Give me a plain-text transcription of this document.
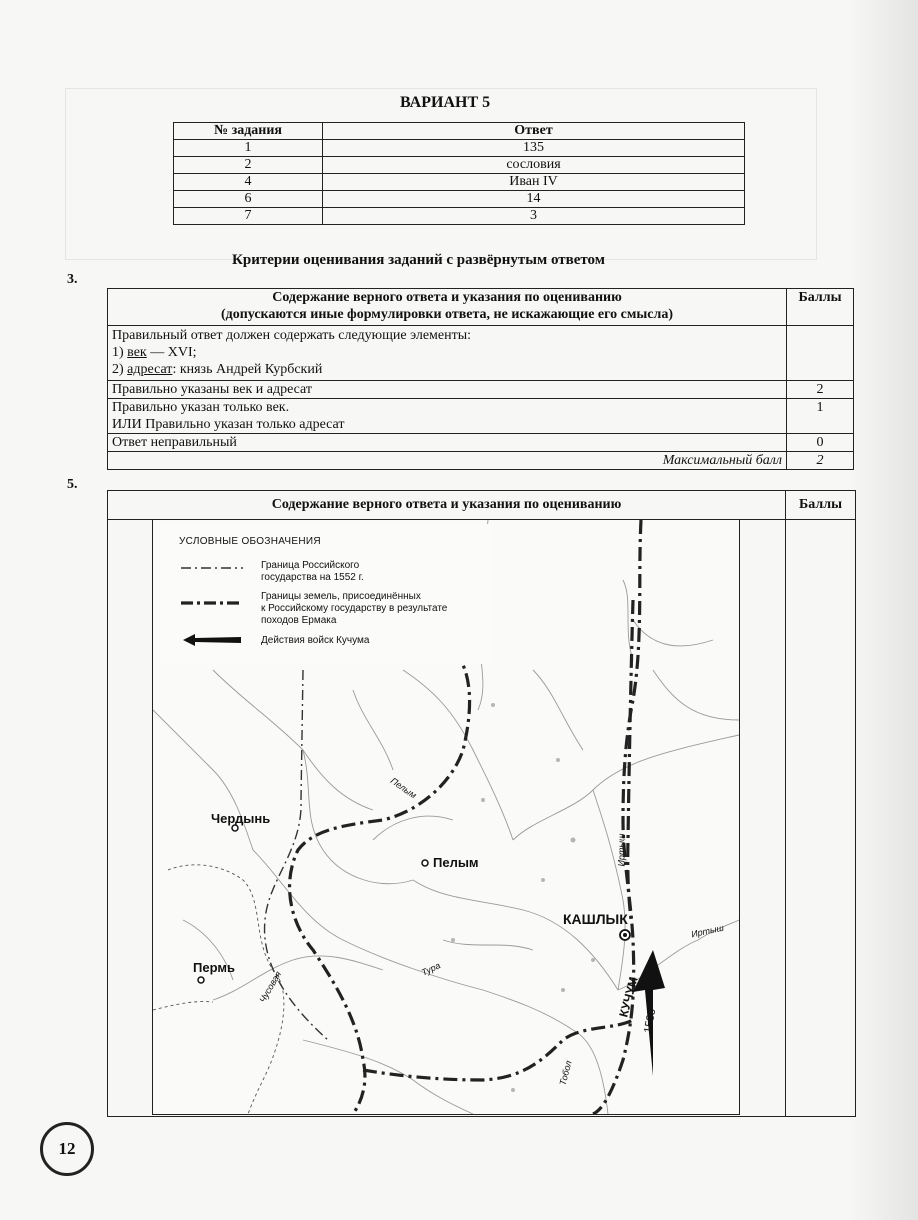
ВАРИАНТ 5
№ задания	Ответ
1	135
2	сословия
4	Иван IV
6	14
7	3
Критерии оценивания заданий с развёрнутым ответом
3.
Содержание верного ответа и указания по оцениванию
(допускаются иные формулировки ответа, не искажающие его смысла)	Баллы

Правильный ответ должен содержать следующие элементы:
1) век — XVI;
2) адресат: князь Андрей Курбский	

Правильно указаны век и адресат	2

Правильно указан только век.
ИЛИ Правильно указан только адресат	1
Ответ неправильный	0
Максимальный балл	2
5.
Содержание верного ответа и указания по оцениванию	Баллы
УСЛОВНЫЕ ОБОЗНАЧЕНИЯ
Граница Российского
государства на 1552 г.
Границы земель, присоединённых
к Российскому государству в результате
походов Ермака
Действия войск Кучума
Чердынь
Пелым
Пермь
КАШЛЫК
Пелым
Иртыш
Иртыш
Тура
Чусовая
Тобол
КУЧУМ
1585
12
